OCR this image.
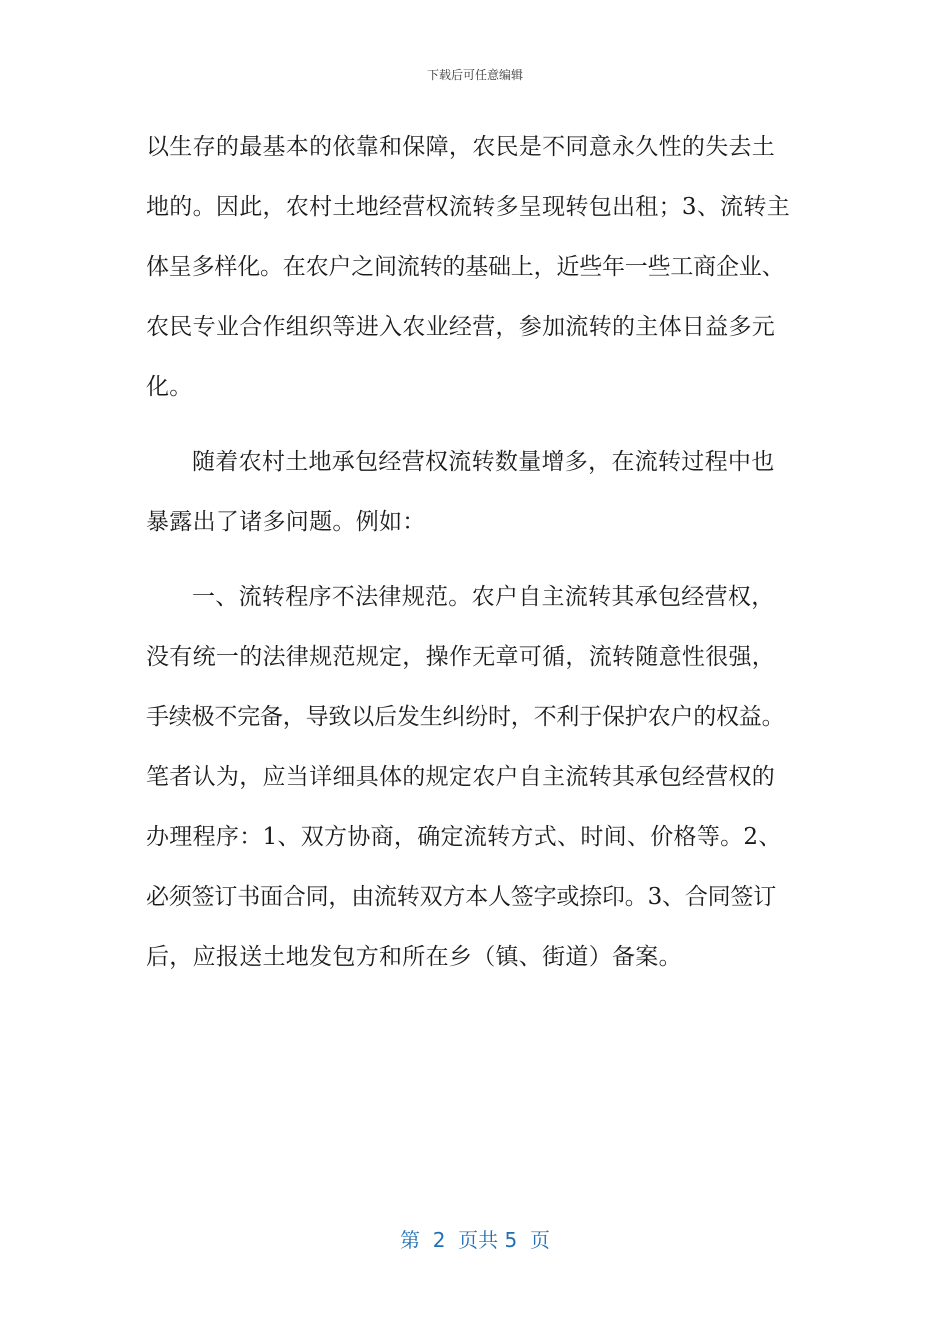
下载后可任意编辑
以生存的最基本的依靠和保障，农民是不同意永久性的失去土
地的。因此，农村土地经营权流转多呈现转包出租；3、流转主
体呈多样化。在农户之间流转的基础上，近些年一些工商企业、
农民专业合作组织等进入农业经营，参加流转的主体日益多元
化。
随着农村土地承包经营权流转数量增多，在流转过程中也
暴露出了诸多问题。例如：
一、流转程序不法律规范。农户自主流转其承包经营权，
没有统一的法律规范规定，操作无章可循，流转随意性很强，
手续极不完备，导致以后发生纠纷时，不利于保护农户的权益。
笔者认为，应当详细具体的规定农户自主流转其承包经营权的
办理程序：1、双方协商，确定流转方式、时间、价格等。2、
必须签订书面合同，由流转双方本人签字或捺印。3、合同签订
后，应报送土地发包方和所在乡（镇、街道）备案。
第  2  页共 5  页
